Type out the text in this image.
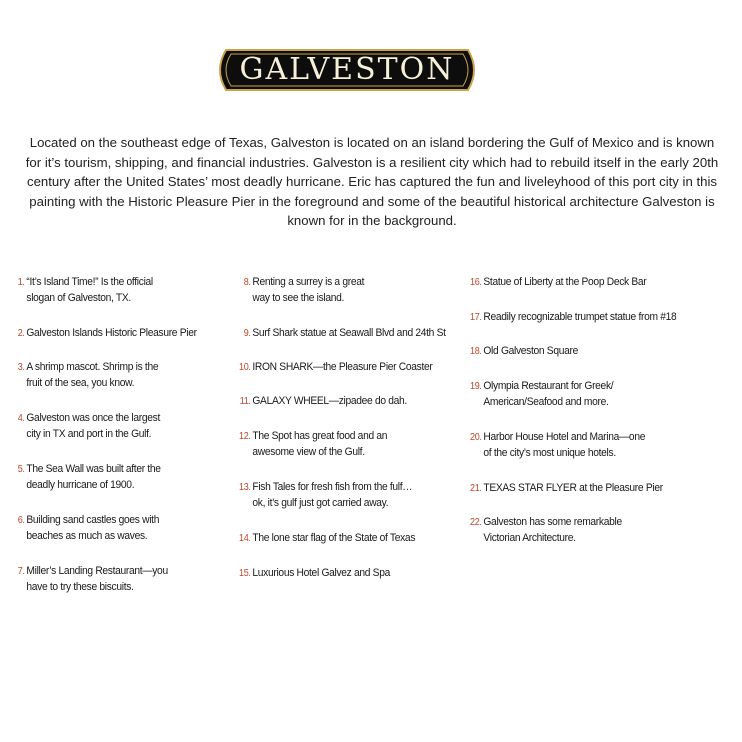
GALVESTON
Located on the southeast edge of Texas, Galveston is located on an island bordering the Gulf of Mexico and is known for it’s tourism, shipping, and financial industries. Galveston is a resilient city which had to rebuild itself in the early 20th century after the United States’ most deadly hurricane. Eric has captured the fun and liveleyhood of this port city in this painting with the Historic Pleasure Pier in the foreground and some of the beautiful historical architecture Galveston is known for in the background.
1. “It’s Island Time!” Is the official
slogan of Galveston, TX.
2. Galveston Islands Historic Pleasure Pier
3. A shrimp mascot. Shrimp is the
fruit of the sea, you know.
4. Galveston was once the largest
city in TX and port in the Gulf.
5. The Sea Wall was built after the
deadly hurricane of 1900.
6. Building sand castles goes with
beaches as much as waves.
7. Miller’s Landing Restaurant—you
have to try these biscuits.
8. Renting a surrey is a great
way to see the island.
9. Surf Shark statue at Seawall Blvd and 24th St
10. IRON SHARK—the Pleasure Pier Coaster
11. GALAXY WHEEL—zipadee do dah.
12. The Spot has great food and an
awesome view of the Gulf.
13. Fish Tales for fresh fish from the fulf…
ok, it’s gulf just got carried away.
14. The lone star flag of the State of Texas
15. Luxurious Hotel Galvez and Spa
16. Statue of Liberty at the Poop Deck Bar
17. Readily recognizable trumpet statue from #18
18. Old Galveston Square
19. Olympia Restaurant for Greek/
American/Seafood and more.
20. Harbor House Hotel and Marina—one
of the city’s most unique hotels.
21. TEXAS STAR FLYER at the Pleasure Pier
22. Galveston has some remarkable
Victorian Architecture.
